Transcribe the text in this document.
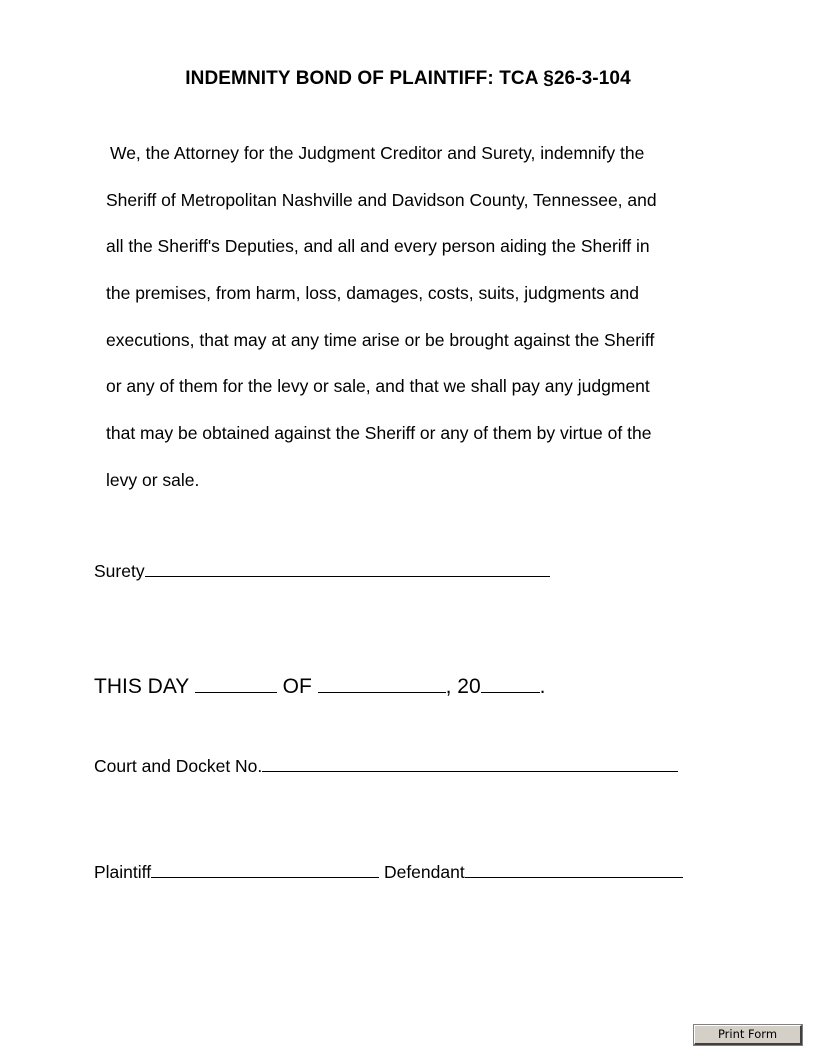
INDEMNITY BOND OF PLAINTIFF: TCA §26-3-104
We, the Attorney for the Judgment Creditor and Surety, indemnify the
Sheriff of Metropolitan Nashville and Davidson County, Tennessee, and
all the Sheriff's Deputies, and all and every person aiding the Sheriff in
the premises, from harm, loss, damages, costs, suits, judgments and
executions, that may at any time arise or be brought against the Sheriff
or any of them for the levy or sale, and that we shall pay any judgment
that may be obtained against the Sheriff or any of them by virtue of the
levy or sale.
Surety
THIS DAY	OF	, 20	.
Court and Docket No.
Plaintiff	Defendant
Print Form
